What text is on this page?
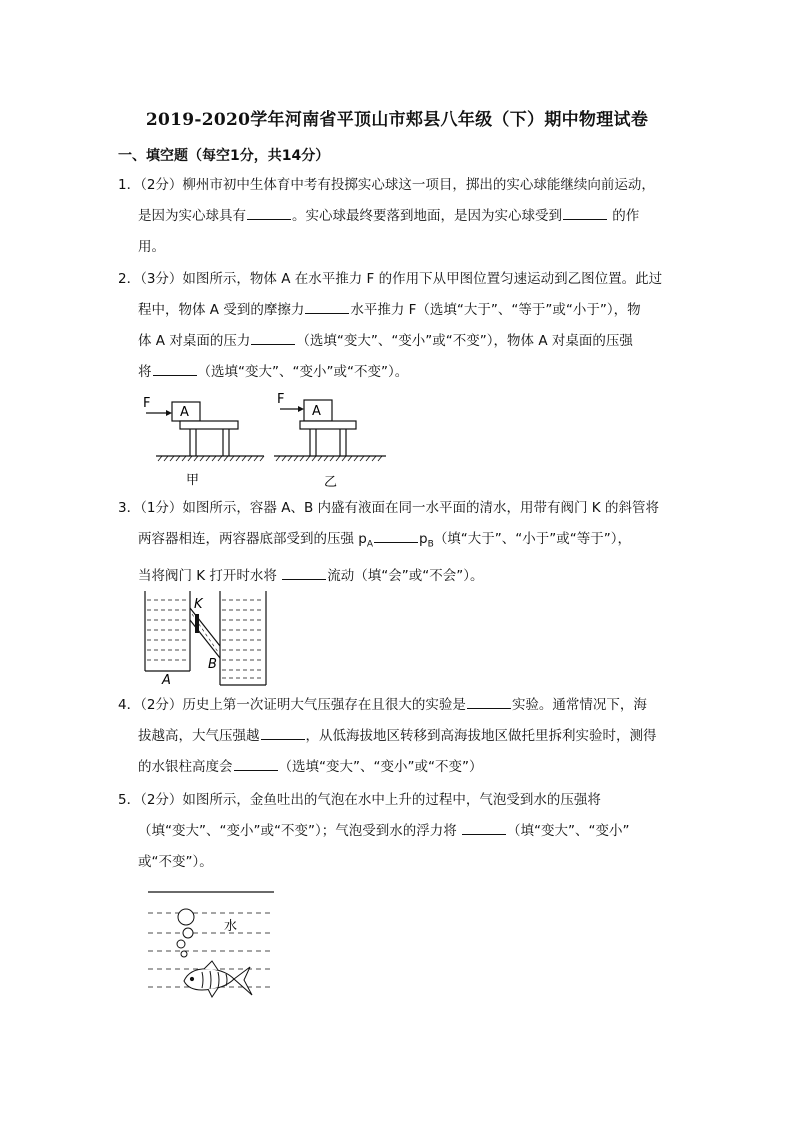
2019-2020学年河南省平顶山市郏县八年级（下）期中物理试卷
一、填空题（每空1分，共14分）
1．（2分）柳州市初中生体育中考有投掷实心球这一项目，掷出的实心球能继续向前运动，
是因为实心球具有	。实心球最终要落到地面，是因为实心球受到	的作
用。
2．（3分）如图所示，物体 A 在水平推力 F 的作用下从甲图位置匀速运动到乙图位置。此过
程中，物体 A 受到的摩擦力	水平推力 F（选填“大于”、“等于”或“小于”），物
体 A 对桌面的压力	（选填“变大”、“变小”或“不变”），物体 A 对桌面的压强
将	（选填“变大”、“变小”或“不变”）。
F
A
甲
F
A
乙
3．（1分）如图所示，容器 A、B 内盛有液面在同一水平面的清水，用带有阀门 K 的斜管将
两容器相连，两容器底部受到的压强 $p_A$	$p_B$（填“大于”、“小于”或“等于”），
当将阀门 K 打开时水将	流动（填“会”或“不会”）。
A
B
K
4．（2分）历史上第一次证明大气压强存在且很大的实验是	实验。通常情况下，海
拔越高，大气压强越	，从低海拔地区转移到高海拔地区做托里拆利实验时，测得
的水银柱高度会	（选填“变大”、“变小”或“不变”）
5．（2分）如图所示，金鱼吐出的气泡在水中上升的过程中，气泡受到水的压强将
（填“变大”、“变小”或“不变”）；气泡受到水的浮力将	（填“变大”、“变小”
或“不变”）。
水
